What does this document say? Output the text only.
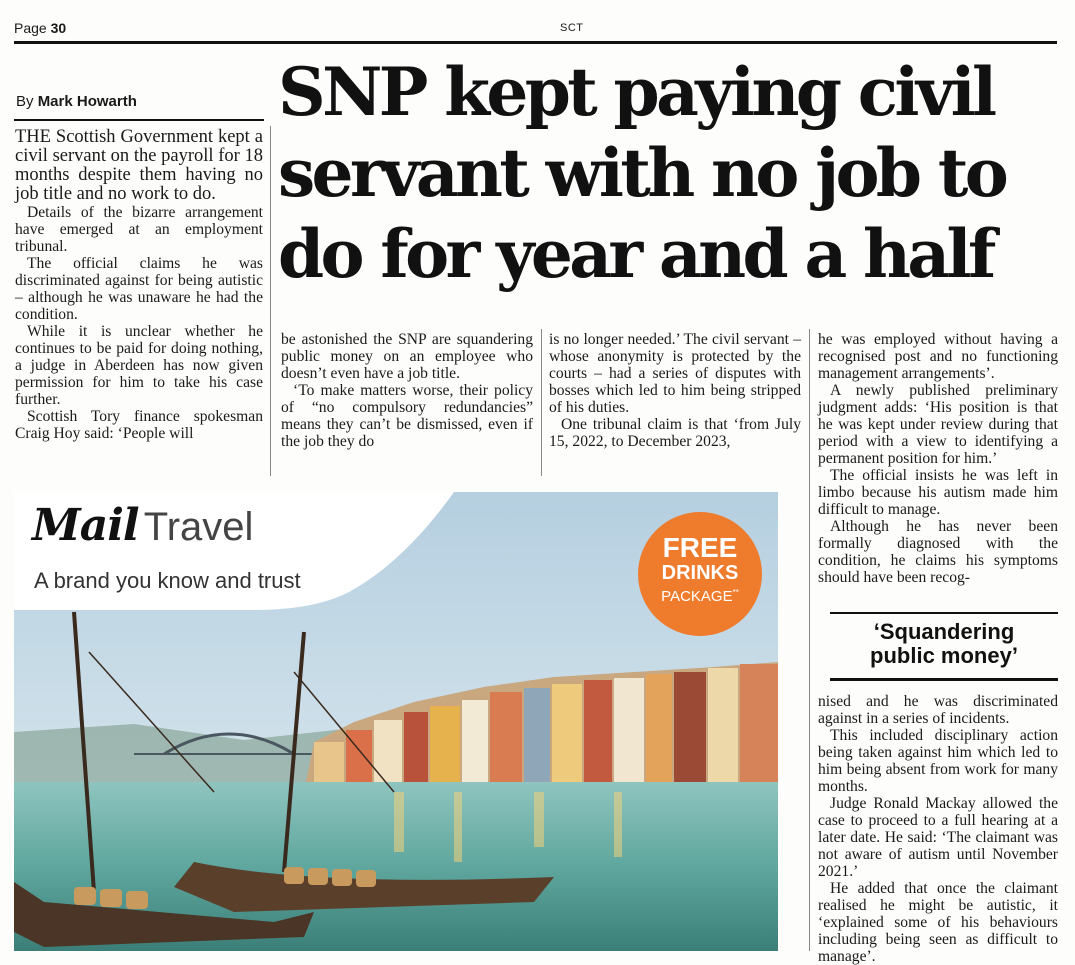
Page 30	SCT
By Mark Howarth SNP kept paying civil
servant with no job to
do for year and a half

THE Scottish Government kept a civil servant on the payroll for 18 months despite them having no job title and no work to do.

Details of the bizarre arrangement have emerged at an employment tribunal.

The official claims he was discriminated against for being autistic – although he was unaware he had the condition.

While it is unclear whether he continues to be paid for doing nothing, a judge in Aberdeen has now given permission for him to take his case further.

Scottish Tory finance spokesman Craig Hoy said: ‘People will

be astonished the SNP are squandering public money on an employee who doesn’t even have a job title.

‘To make matters worse, their policy of “no compulsory redundancies” means they can’t be dismissed, even if the job they do

is no longer needed.’ The civil servant – whose anonymity is protected by the courts – had a series of disputes with bosses which led to him being stripped of his duties.

One tribunal claim is that ‘from July 15, 2022, to December 2023,

he was employed without having a recognised post and no functioning management arrangements’.

A newly published preliminary judgment adds: ‘His position is that he was kept under review during that period with a view to identifying a permanent position for him.’

The official insists he was left in limbo because his autism made him difficult to manage.

Although he has never been formally diagnosed with the condition, he claims his symptoms should have been recog-

‘Squandering
public money’

nised and he was discriminated against in a series of incidents.

This included disciplinary action being taken against him which led to him being absent from work for many months.

Judge Ronald Mackay allowed the case to proceed to a full hearing at a later date. He said: ‘The claimant was not aware of autism until November 2021.’

He added that once the claimant realised he might be autistic, it ‘explained some of his behaviours including being seen as difficult to manage’.

Mail Travel
A brand you know and trust
FREE
DRINKS
PACKAGE**
